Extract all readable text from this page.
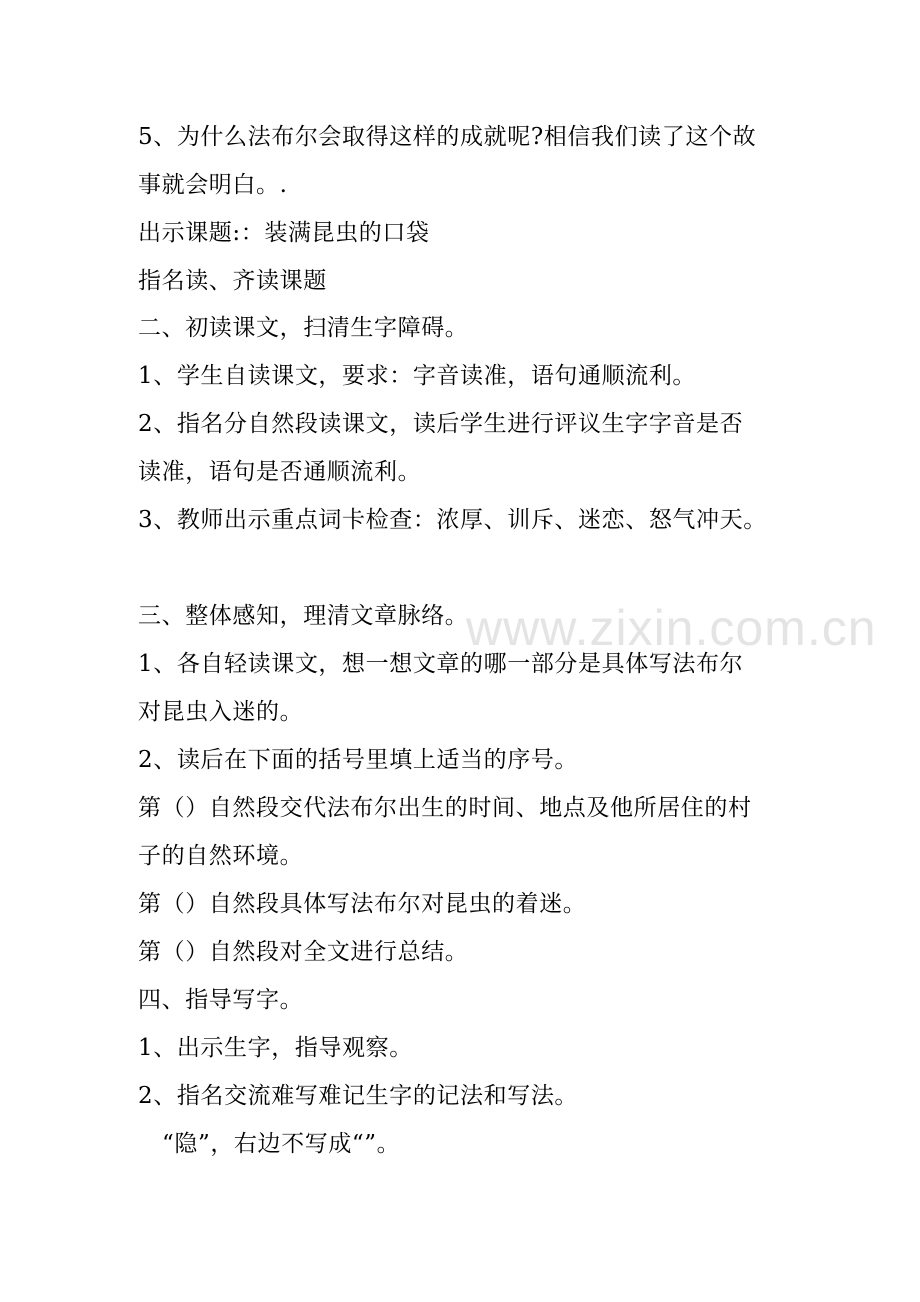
www.zixin.com.cn
5、为什么法布尔会取得这样的成就呢?相信我们读了这个故
事就会明白。.
出示课题:：装满昆虫的口袋
指名读、齐读课题
二、初读课文，扫清生字障碍。
1、学生自读课文，要求：字音读准，语句通顺流利。
2、指名分自然段读课文，读后学生进行评议生字字音是否
读准，语句是否通顺流利。
3、教师出示重点词卡检查：浓厚、训斥、迷恋、怒气冲天。
三、整体感知，理清文章脉络。
1、各自轻读课文，想一想文章的哪一部分是具体写法布尔
对昆虫入迷的。
2、读后在下面的括号里填上适当的序号。
第（）自然段交代法布尔出生的时间、地点及他所居住的村
子的自然环境。
第（）自然段具体写法布尔对昆虫的着迷。
第（）自然段对全文进行总结。
四、指导写字。
1、出示生字，指导观察。
2、指名交流难写难记生字的记法和写法。
“隐”，右边不写成“”。
